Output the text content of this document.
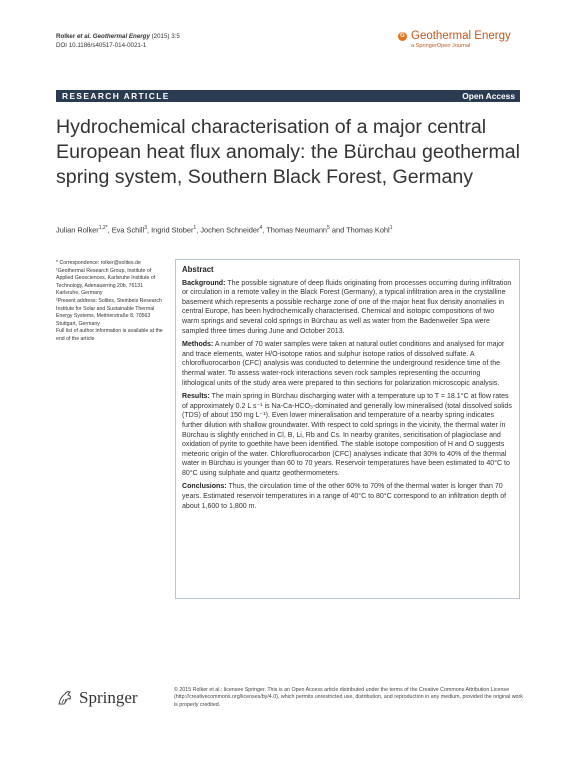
Rolker et al. Geothermal Energy (2015) 3:5
DOI 10.1186/s40517-014-0021-1
G Geothermal Energy
a SpringerOpen Journal
RESEARCH ARTICLE	Open Access
Hydrochemical characterisation of a major central European heat flux anomaly: the Bürchau geothermal spring system, Southern Black Forest, Germany
Julian Rolker$^{1,2*}$, Eva Schill$^3$, Ingrid Stober$^1$, Jochen Schneider$^4$, Thomas Neumann$^5$ and Thomas Kohl$^1$

* Correspondence: rolker@solites.de

¹Geothermal Research Group, Institute of Applied Geosciences, Karlsruhe Institute of Technology, Adenauerring 20b, 76131 Karlsruhe, Germany

²Present address: Solites, Steinbeis Research Institute for Solar and Sustainable Thermal Energy Systems, Meitnerstraße 8, 70563 Stuttgart, Germany

Full list of author information is available at the end of the article

Abstract

Background: The possible signature of deep fluids originating from processes occurring during infiltration or circulation in a remote valley in the Black Forest (Germany), a typical infiltration area in the crystalline basement which represents a possible recharge zone of one of the major heat flux density anomalies in central Europe, has been hydrochemically characterised. Chemical and isotopic compositions of two warm springs and several cold springs in Bürchau as well as water from the Badenweiler Spa were sampled three times during June and October 2013.

Methods: A number of 70 water samples were taken at natural outlet conditions and analysed for major and trace elements, water H/O-isotope ratios and sulphur isotope ratios of dissolved sulfate. A chlorofluorocarbon (CFC) analysis was conducted to determine the underground residence time of the thermal water. To assess water-rock interactions seven rock samples representing the occurring lithological units of the study area were prepared to thin sections for polarization microscopic analysis.

Results: The main spring in Bürchau discharging water with a temperature up to T = 18.1°C at flow rates of approximately 0.2 L s⁻¹ is Na-Ca-HCO₃-dominated and generally low mineralised (total dissolved solids (TDS) of about 150 mg L⁻¹). Even lower mineralisation and temperature of a nearby spring indicates further dilution with shallow groundwater. With respect to cold springs in the vicinity, the thermal water in Bürchau is slightly enriched in Cl, B, Li, Rb and Cs. In nearby granites, sericitisation of plagioclase and oxidation of pyrite to goethite have been identified. The stable isotope composition of H and O suggests meteoric origin of the water. Chlorofluorocarbon (CFC) analyses indicate that 30% to 40% of the thermal water in Bürchau is younger than 60 to 70 years. Reservoir temperatures have been estimated to 40°C to 80°C using sulphate and quartz geothermometers.

Conclusions: Thus, the circulation time of the other 60% to 70% of the thermal water is longer than 70 years. Estimated reservoir temperatures in a range of 40°C to 80°C correspond to an infiltration depth of about 1,600 to 1,800 m.

Springer	© 2015 Rolker et al.; licensee Springer. This is an Open Access article distributed under the terms of the Creative Commons Attribution License (http://creativecommons.org/licenses/by/4.0), which permits unrestricted use, distribution, and reproduction in any medium, provided the original work is properly credited.
